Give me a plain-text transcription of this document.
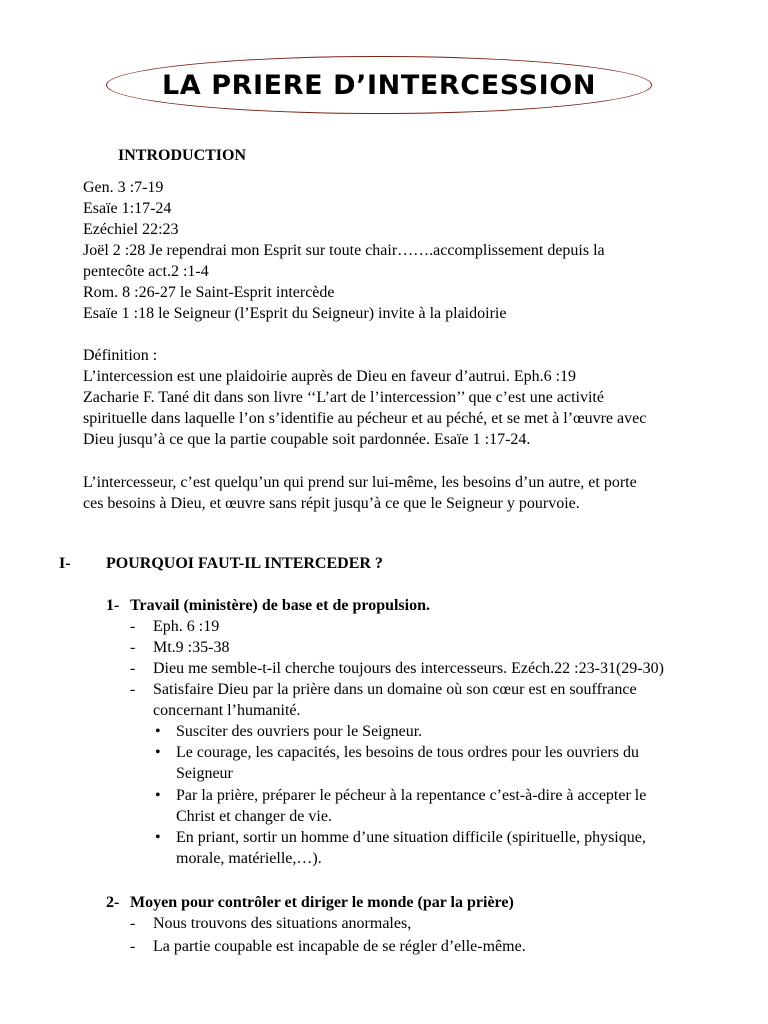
LA PRIERE D’INTERCESSION
INTRODUCTION
Gen. 3 :7-19
Esaïe 1:17-24
Ezéchiel 22:23
Joël 2 :28 Je rependrai mon Esprit sur toute chair…….accomplissement depuis la
pentecôte act.2 :1-4
Rom. 8 :26-27 le Saint-Esprit intercède
Esaïe 1 :18 le Seigneur (l’Esprit du Seigneur) invite à la plaidoirie
Définition :
L’intercession est une plaidoirie auprès de Dieu en faveur d’autrui. Eph.6 :19
Zacharie F. Tané dit dans son livre ‘‘L’art de l’intercession’’ que c’est une activité
spirituelle dans laquelle l’on s’identifie au pécheur et au péché, et se met à l’œuvre avec
Dieu jusqu’à ce que la partie coupable soit pardonnée. Esaïe 1 :17-24.
L’intercesseur, c’est quelqu’un qui prend sur lui-même, les besoins d’un autre, et porte
ces besoins à Dieu, et œuvre sans répit jusqu’à ce que le Seigneur y pourvoie.
I- POURQUOI FAUT-IL INTERCEDER ?
1- Travail (ministère) de base et de propulsion.
- Eph. 6 :19
- Mt.9 :35-38
- Dieu me semble-t-il cherche toujours des intercesseurs. Ezéch.22 :23-31(29-30)
- Satisfaire Dieu par la prière dans un domaine où son cœur est en souffrance
concernant l’humanité.
• Susciter des ouvriers pour le Seigneur.
• Le courage, les capacités, les besoins de tous ordres pour les ouvriers du
Seigneur
• Par la prière, préparer le pécheur à la repentance c’est-à-dire à accepter le
Christ et changer de vie.
• En priant, sortir un homme d’une situation difficile (spirituelle, physique,
morale, matérielle,…).
2- Moyen pour contrôler et diriger le monde (par la prière)
- Nous trouvons des situations anormales,
- La partie coupable est incapable de se régler d’elle-même.
